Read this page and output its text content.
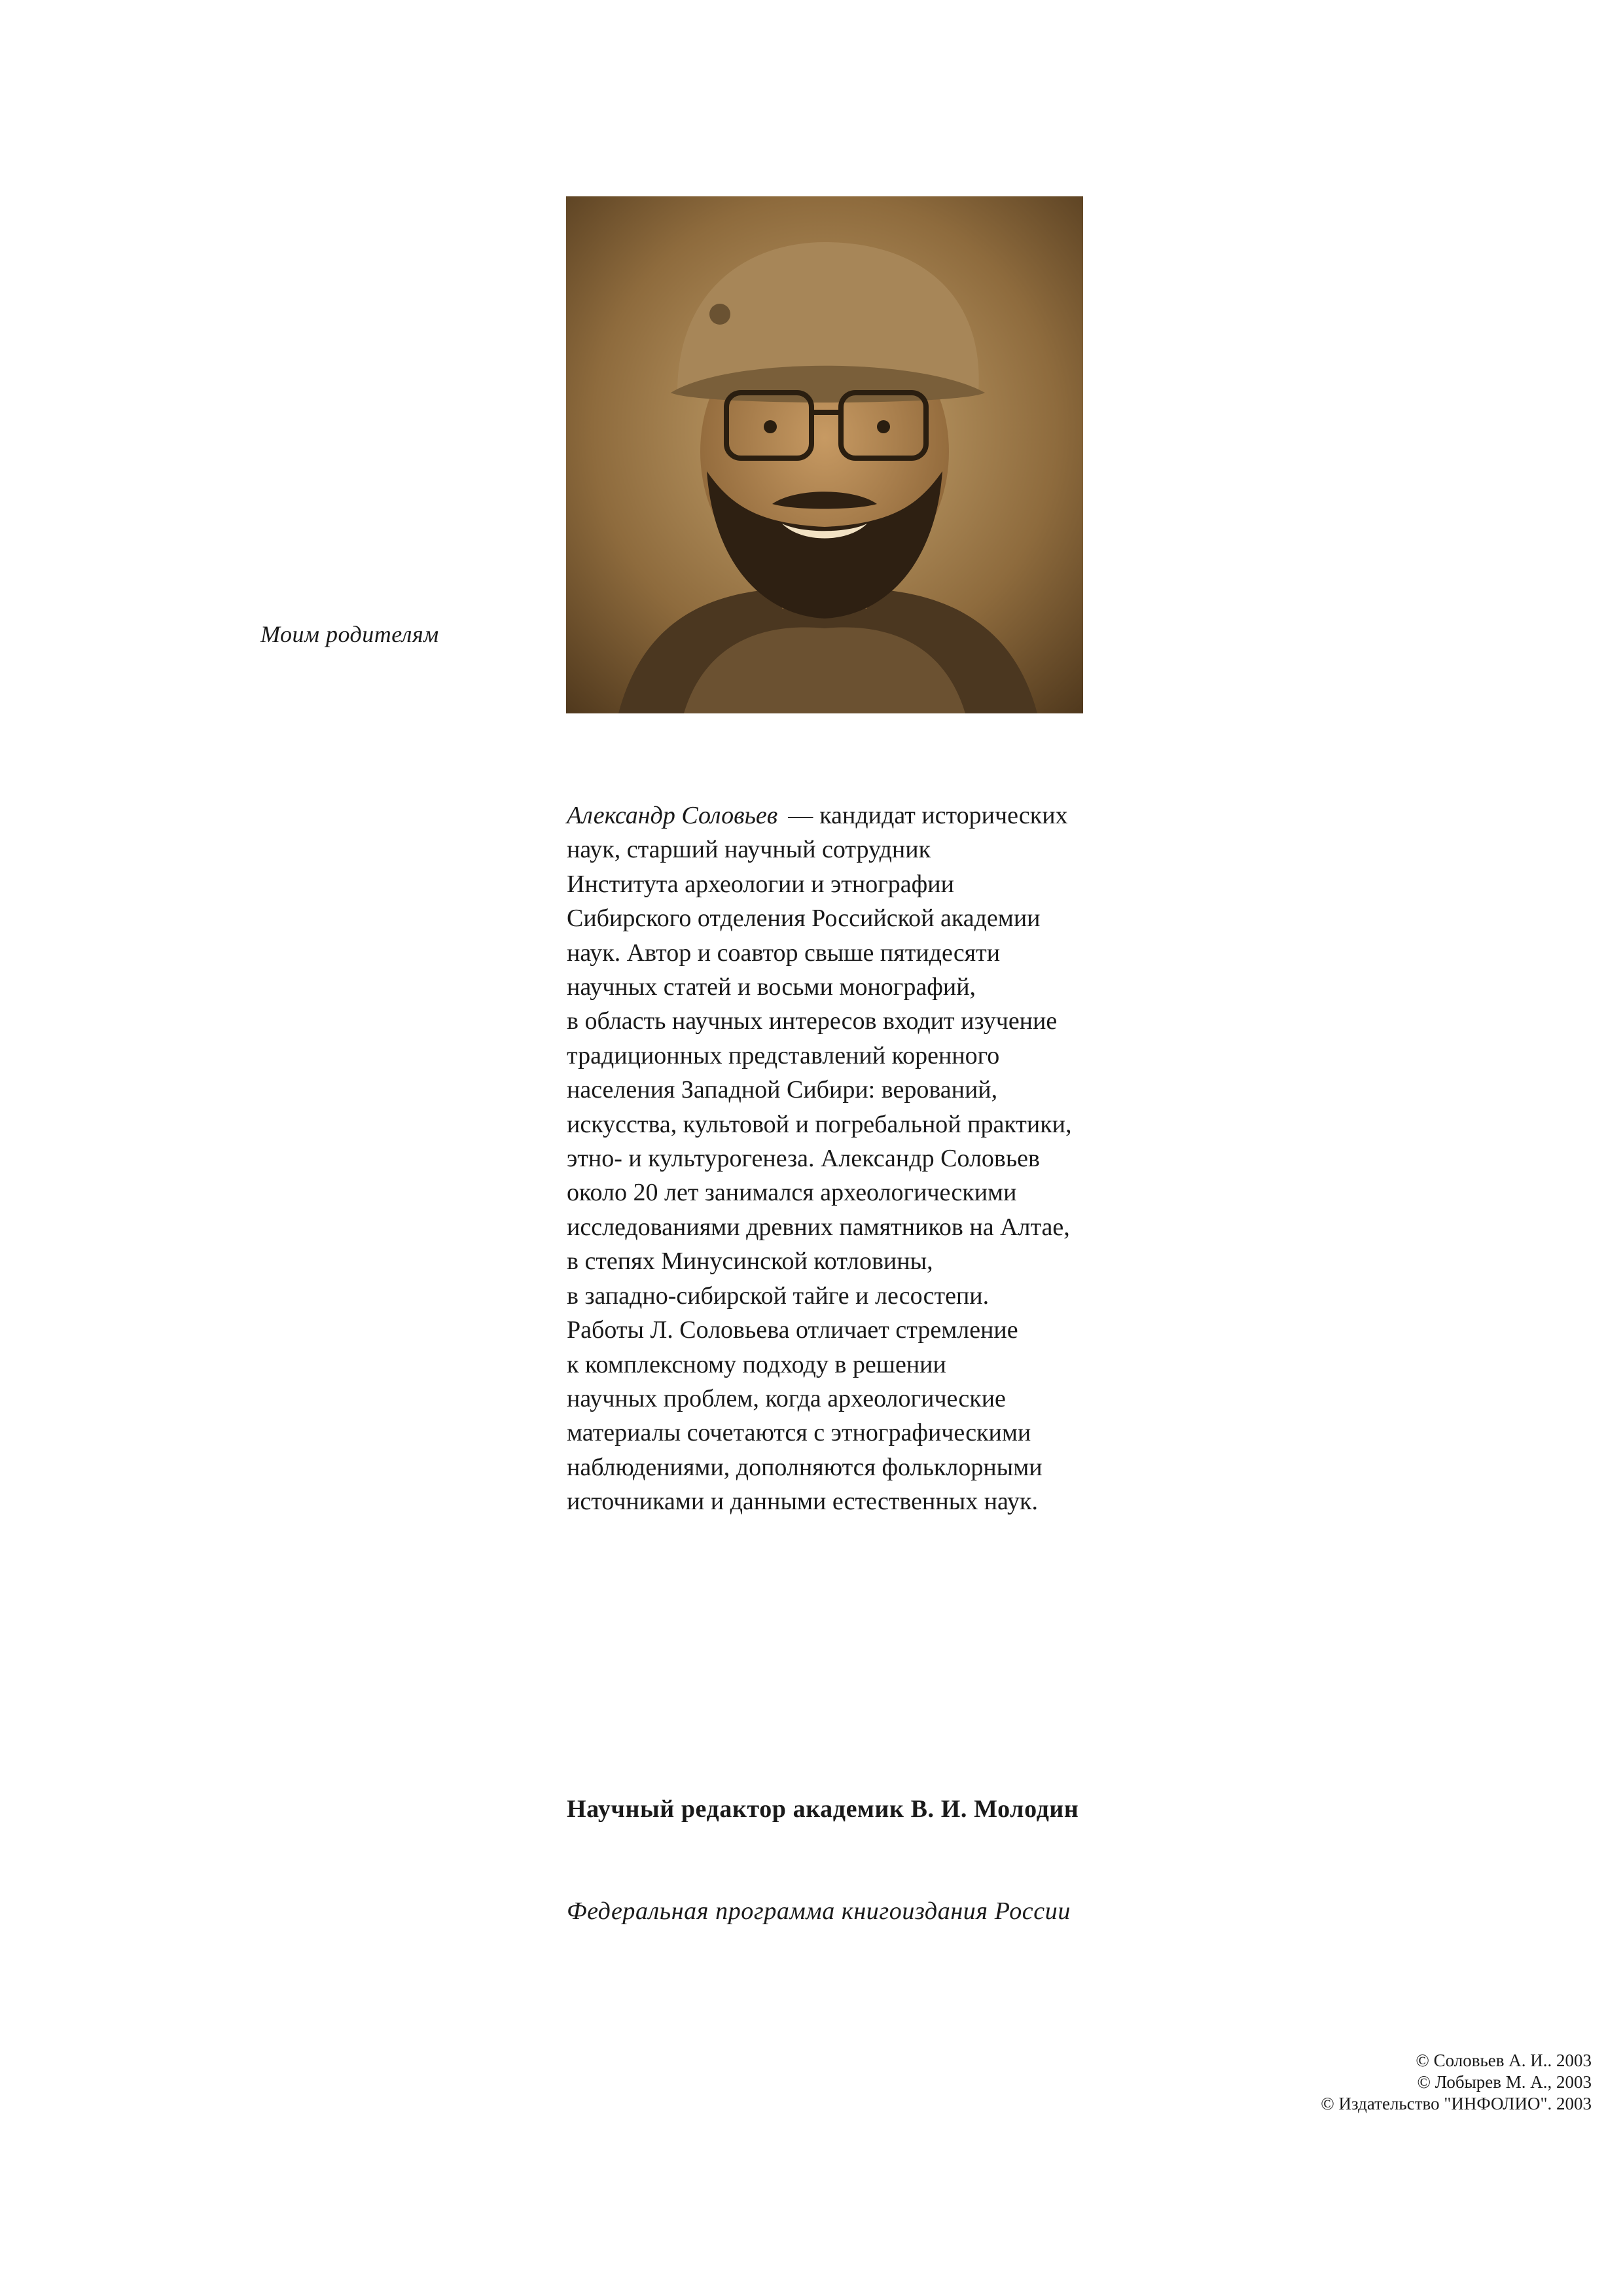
Моим родителям
Александр Соловьев — кандидат исторических
наук, старший научный сотрудник
Института археологии и этнографии
Сибирского отделения Российской академии
наук. Автор и соавтор свыше пятидесяти
научных статей и восьми монографий,
в область научных интересов входит изучение
традиционных представлений коренного
населения Западной Сибири: верований,
искусства, культовой и погребальной практики,
этно- и культурогенеза. Александр Соловьев
около 20 лет занимался археологическими
исследованиями древних памятников на Алтае,
в степях Минусинской котловины,
в западно-сибирской тайге и лесостепи.
Работы Л. Соловьева отличает стремление
к комплексному подходу в решении
научных проблем, когда археологические
материалы сочетаются с этнографическими
наблюдениями, дополняются фольклорными
источниками и данными естественных наук.
Научный редактор академик В. И. Молодин
Федеральная программа книгоиздания России
© Соловьев А. И.. 2003
© Лобырев М. А., 2003
© Издательство "ИНФОЛИО". 2003
